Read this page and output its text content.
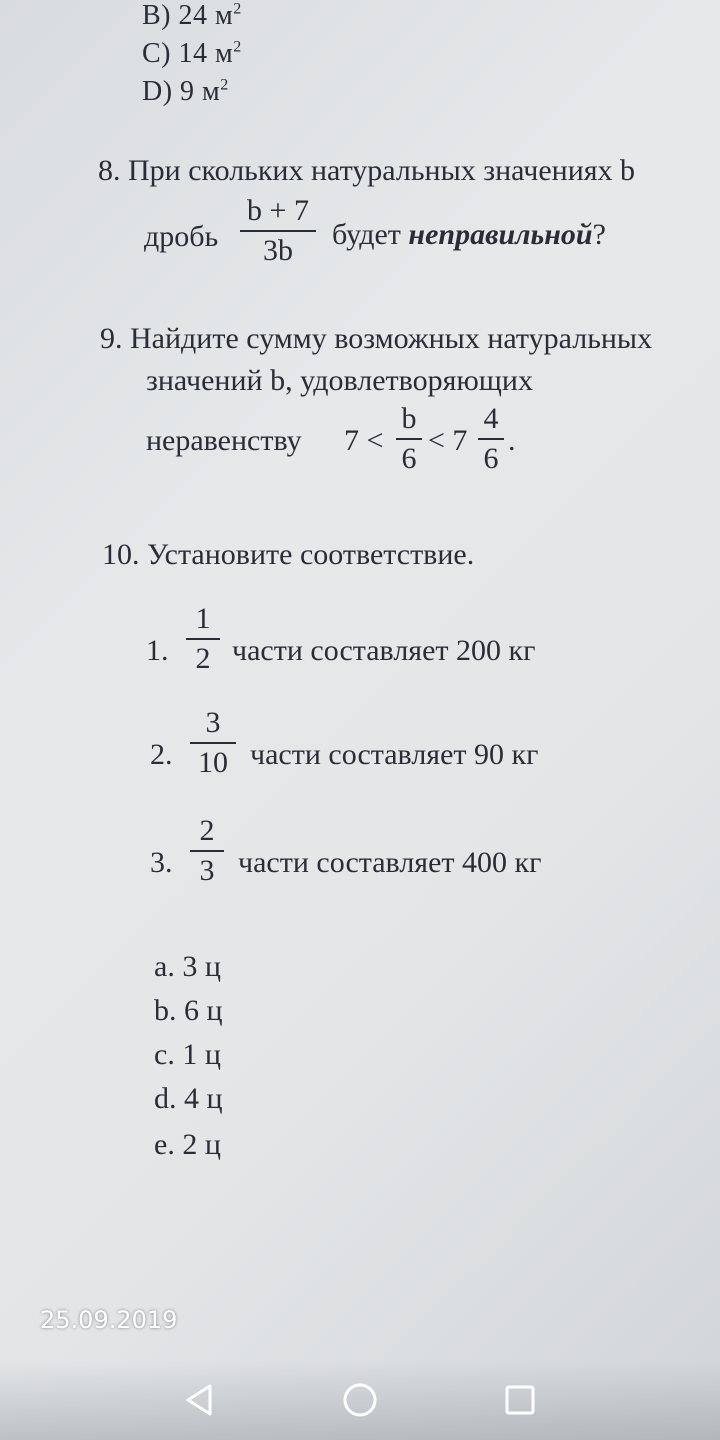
B) 24 $м^2$
C) 14 $м^2$
D) 9 $м^2$
8. При скольких натуральных значениях b
дробь
b + 7
3b будет неправильной?
9. Найдите сумму возможных натуральных
значений b, удовлетворяющих
неравенству 7 <
b
6
< 7
4
6
.
10. Установите соответствие.
1.
1
2 части составляет 200 кг
2.
3
10 части составляет 90 кг
3.
2
3 части составляет 400 кг
a. 3 ц
b. 6 ц
c. 1 ц
d. 4 ц
e. 2 ц
25.09.2019
